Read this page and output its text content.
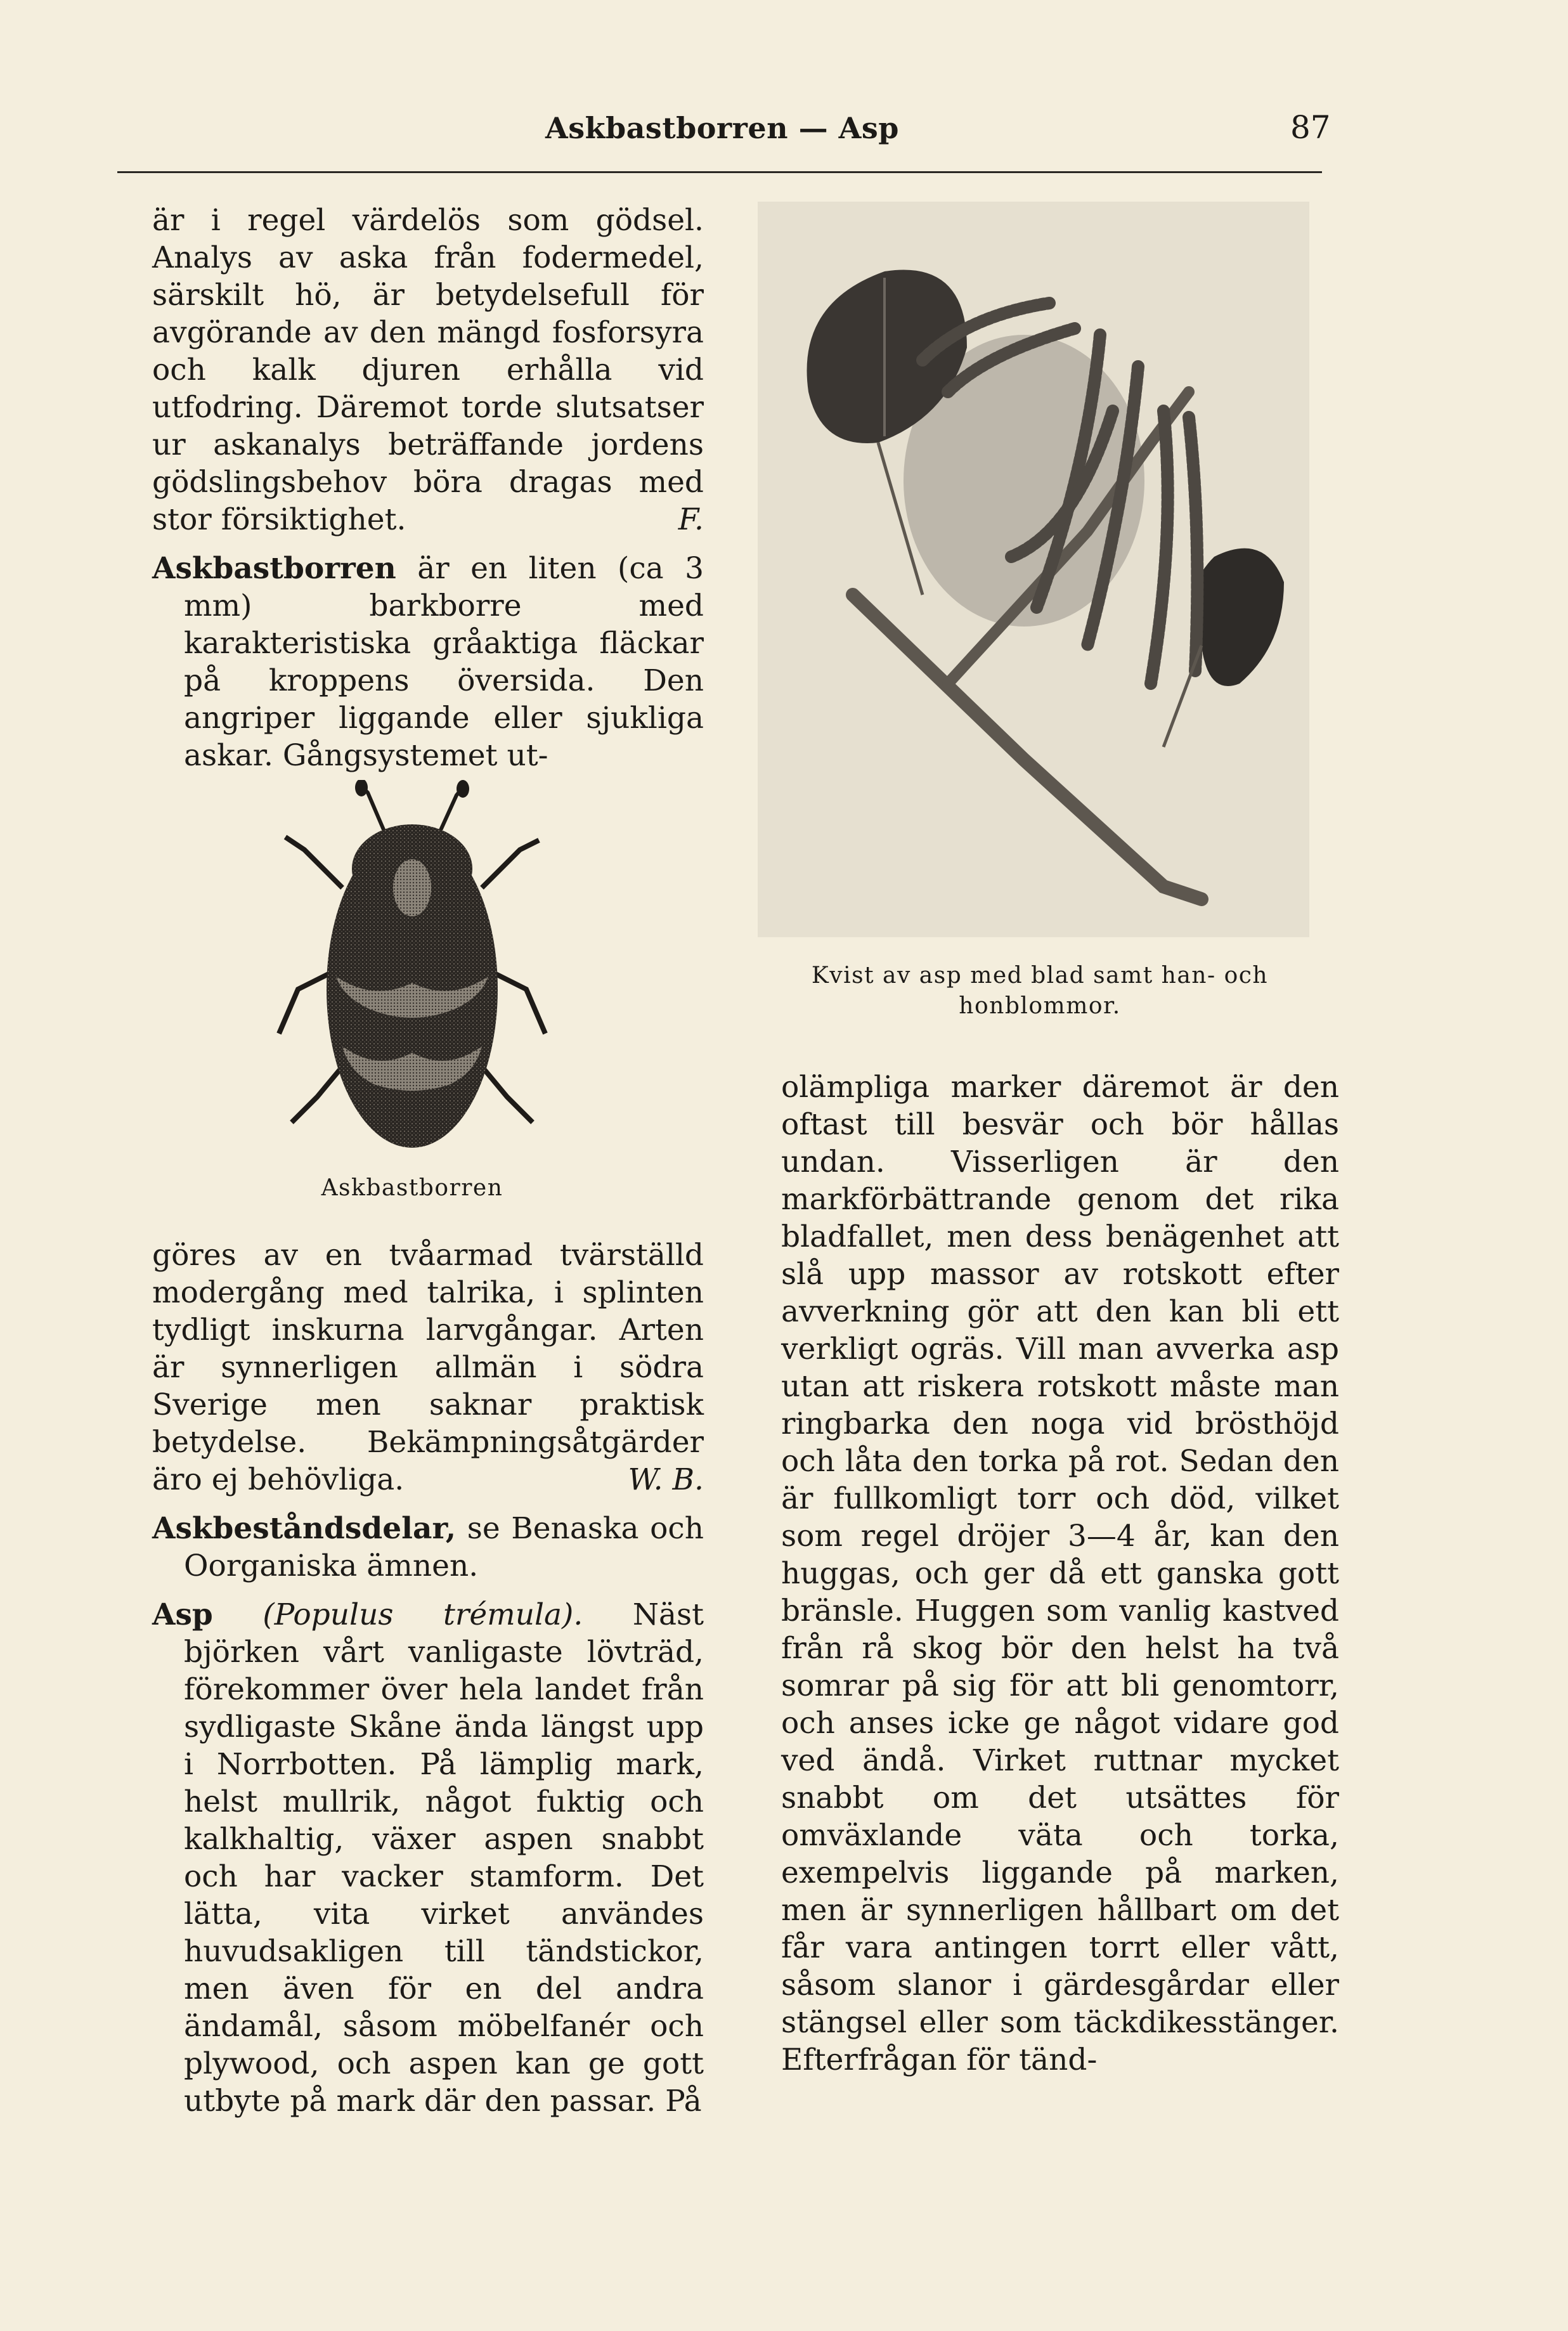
Askbastborren — Asp	87

är i regel värdelös som gödsel. Analys av aska från fodermedel, särskilt hö, är betydelsefull för avgörande av den mängd fosforsyra och kalk djuren erhålla vid utfodring. Däremot torde slutsatser ur askanalys beträffande jordens gödslingsbehov böra dragas med stor försiktighet.	F.

Askbastborren är en liten (ca 3 mm) barkborre med karakteristiska gråaktiga fläckar på kroppens översida. Den angriper liggande eller sjukliga askar. Gångsystemet ut-

Askbastborren

göres av en tvåarmad tvärställd modergång med talrika, i splinten tydligt inskurna larvgångar. Arten är synnerligen allmän i södra Sverige men saknar praktisk betydelse. Bekämpningsåtgärder äro ej behövliga.	W. B.

Askbeståndsdelar, se Benaska och Oorganiska ämnen.

Asp (Populus trémula). Näst björken vårt vanligaste lövträd, förekommer över hela landet från sydligaste Skåne ända längst upp i Norrbotten. På lämplig mark, helst mullrik, något fuktig och kalkhaltig, växer aspen snabbt och har vacker stamform. Det lätta, vita virket användes huvudsakligen till tändstickor, men även för en del andra ändamål, såsom möbelfanér och plywood, och aspen kan ge gott utbyte på mark där den passar. På

Kvist av asp med blad samt han- och honblommor.

olämpliga marker däremot är den oftast till besvär och bör hållas undan. Visserligen är den markförbättrande genom det rika bladfallet, men dess benägenhet att slå upp massor av rotskott efter avverkning gör att den kan bli ett verkligt ogräs. Vill man avverka asp utan att riskera rotskott måste man ringbarka den noga vid brösthöjd och låta den torka på rot. Sedan den är fullkomligt torr och död, vilket som regel dröjer 3—4 år, kan den huggas, och ger då ett ganska gott bränsle. Huggen som vanlig kastved från rå skog bör den helst ha två somrar på sig för att bli genomtorr, och anses icke ge något vidare god ved ändå. Virket ruttnar mycket snabbt om det utsättes för omväxlande väta och torka, exempelvis liggande på marken, men är synnerligen hållbart om det får vara antingen torrt eller vått, såsom slanor i gärdesgårdar eller stängsel eller som täckdikesstänger. Efterfrågan för tänd-
